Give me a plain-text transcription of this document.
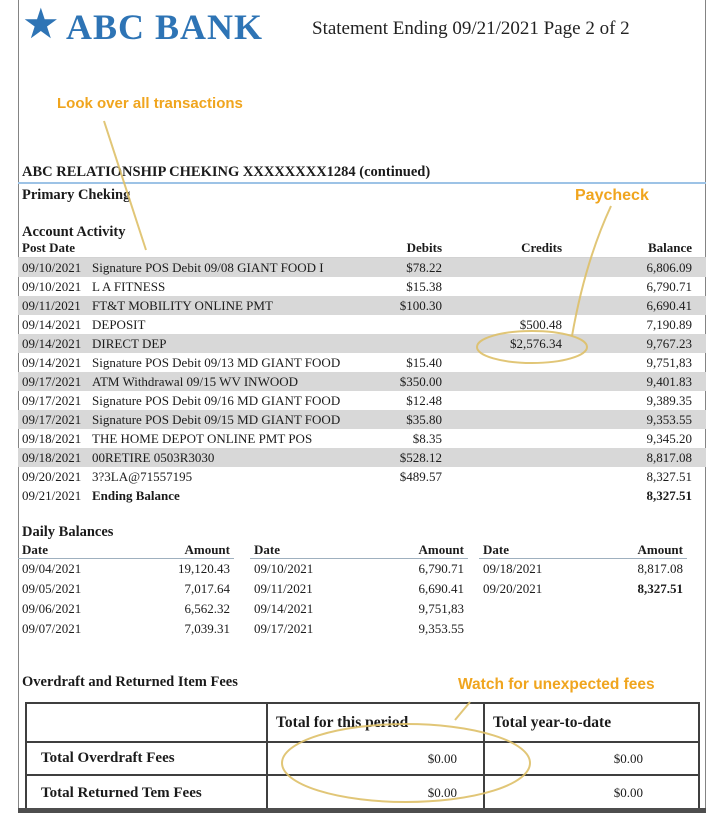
★ ABC BANK	Statement Ending 09/21/2021 Page 2 of 2
Look over all transactions
Paycheck
Watch for unexpected fees
ABC RELATIONSHIP CHEKING XXXXXXXX1284 (continued)
Primary Cheking
Account Activity
Post Date		Debits	Credits	Balance
09/10/2021	Signature POS Debit 09/08 GIANT FOOD I	$78.22		6,806.09
09/10/2021	L A FITNESS	$15.38		6,790.71
09/11/2021	FT&T MOBILITY ONLINE PMT	$100.30		6,690.41
09/14/2021	DEPOSIT		$500.48	7,190.89
09/14/2021	DIRECT DEP		$2,576.34	9,767.23
09/14/2021	Signature POS Debit 09/13 MD GIANT FOOD	$15.40		9,751,83
09/17/2021	ATM Withdrawal 09/15 WV INWOOD	$350.00		9,401.83
09/17/2021	Signature POS Debit 09/16 MD GIANT FOOD	$12.48		9,389.35
09/17/2021	Signature POS Debit 09/15 MD GIANT FOOD	$35.80		9,353.55
09/18/2021	THE HOME DEPOT ONLINE PMT POS	$8.35		9,345.20
09/18/2021	00RETIRE 0503R3030	$528.12		8,817.08
09/20/2021	3?3LA@71557195	$489.57		8,327.51
09/21/2021	Ending Balance			8,327.51
Daily Balances
Date	Amount
09/04/2021	19,120.43
09/05/2021	7,017.64
09/06/2021	6,562.32
09/07/2021	7,039.31
Date	Amount
09/10/2021	6,790.71
09/11/2021	6,690.41
09/14/2021	9,751,83
09/17/2021	9,353.55
Date	Amount
09/18/2021	8,817.08
09/20/2021	8,327.51
Overdraft and Returned Item Fees
	Total for this period	Total year-to-date
Total Overdraft Fees	$0.00	$0.00
Total Returned Tem Fees	$0.00	$0.00
